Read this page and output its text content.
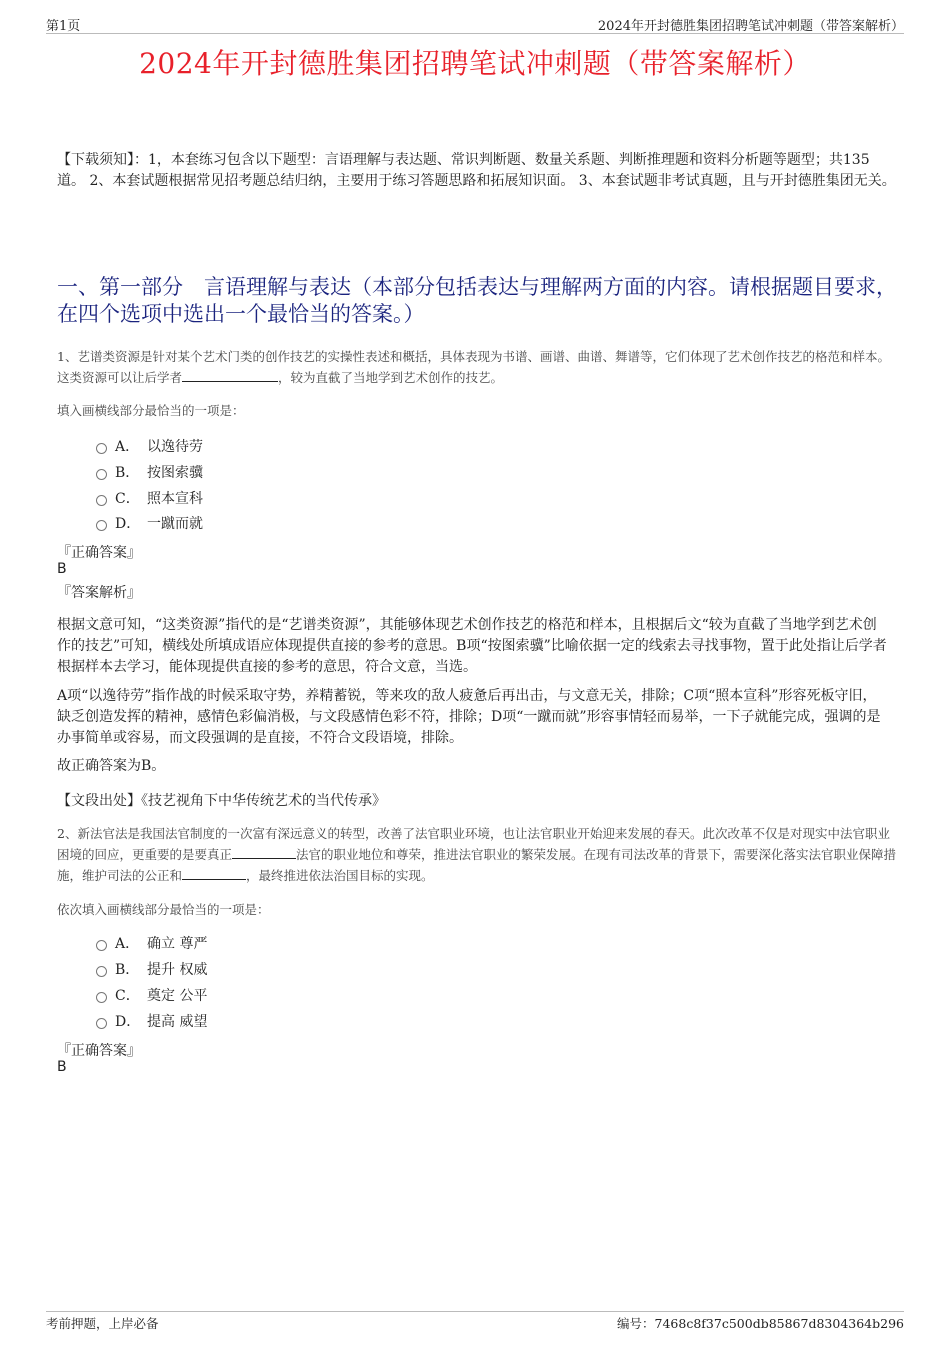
第1页	2024年开封德胜集团招聘笔试冲刺题（带答案解析）
2024年开封德胜集团招聘笔试冲刺题（带答案解析）
【下载须知】：1，本套练习包含以下题型：言语理解与表达题、常识判断题、数量关系题、判断推理题和资料分析题等题型；共135道。 2、本套试题根据常见招考题总结归纳，主要用于练习答题思路和拓展知识面。 3、本套试题非考试真题，且与开封德胜集团无关。
一、第一部分　言语理解与表达（本部分包括表达与理解两方面的内容。请根据题目要求，在四个选项中选出一个最恰当的答案。）
1、艺谱类资源是针对某个艺术门类的创作技艺的实操性表述和概括，具体表现为书谱、画谱、曲谱、舞谱等，它们体现了艺术创作技艺的格范和样本。这类资源可以让后学者	，较为直截了当地学到艺术创作的技艺。
填入画横线部分最恰当的一项是：
A． 以逸待劳
B． 按图索骥
C． 照本宣科
D． 一蹴而就
『正确答案』
B
『答案解析』
根据文意可知，“这类资源”指代的是“艺谱类资源”，其能够体现艺术创作技艺的格范和样本，且根据后文“较为直截了当地学到艺术创作的技艺”可知，横线处所填成语应体现提供直接的参考的意思。B项“按图索骥”比喻依据一定的线索去寻找事物，置于此处指让后学者根据样本去学习，能体现提供直接的参考的意思，符合文意，当选。
A项“以逸待劳”指作战的时候采取守势，养精蓄锐，等来攻的敌人疲惫后再出击，与文意无关，排除；C项“照本宣科”形容死板守旧，缺乏创造发挥的精神，感情色彩偏消极，与文段感情色彩不符，排除；D项“一蹴而就”形容事情轻而易举，一下子就能完成，强调的是办事简单或容易，而文段强调的是直接，不符合文段语境，排除。
故正确答案为B。
【文段出处】《技艺视角下中华传统艺术的当代传承》
2、新法官法是我国法官制度的一次富有深远意义的转型，改善了法官职业环境，也让法官职业开始迎来发展的春天。此次改革不仅是对现实中法官职业困境的回应，更重要的是要真正	法官的职业地位和尊荣，推进法官职业的繁荣发展。在现有司法改革的背景下，需要深化落实法官职业保障措施，维护司法的公正和	，最终推进依法治国目标的实现。
依次填入画横线部分最恰当的一项是：
A． 确立 尊严
B． 提升 权威
C． 奠定 公平
D． 提高 威望
『正确答案』
B
考前押题，上岸必备	编号：7468c8f37c500db85867d8304364b296
